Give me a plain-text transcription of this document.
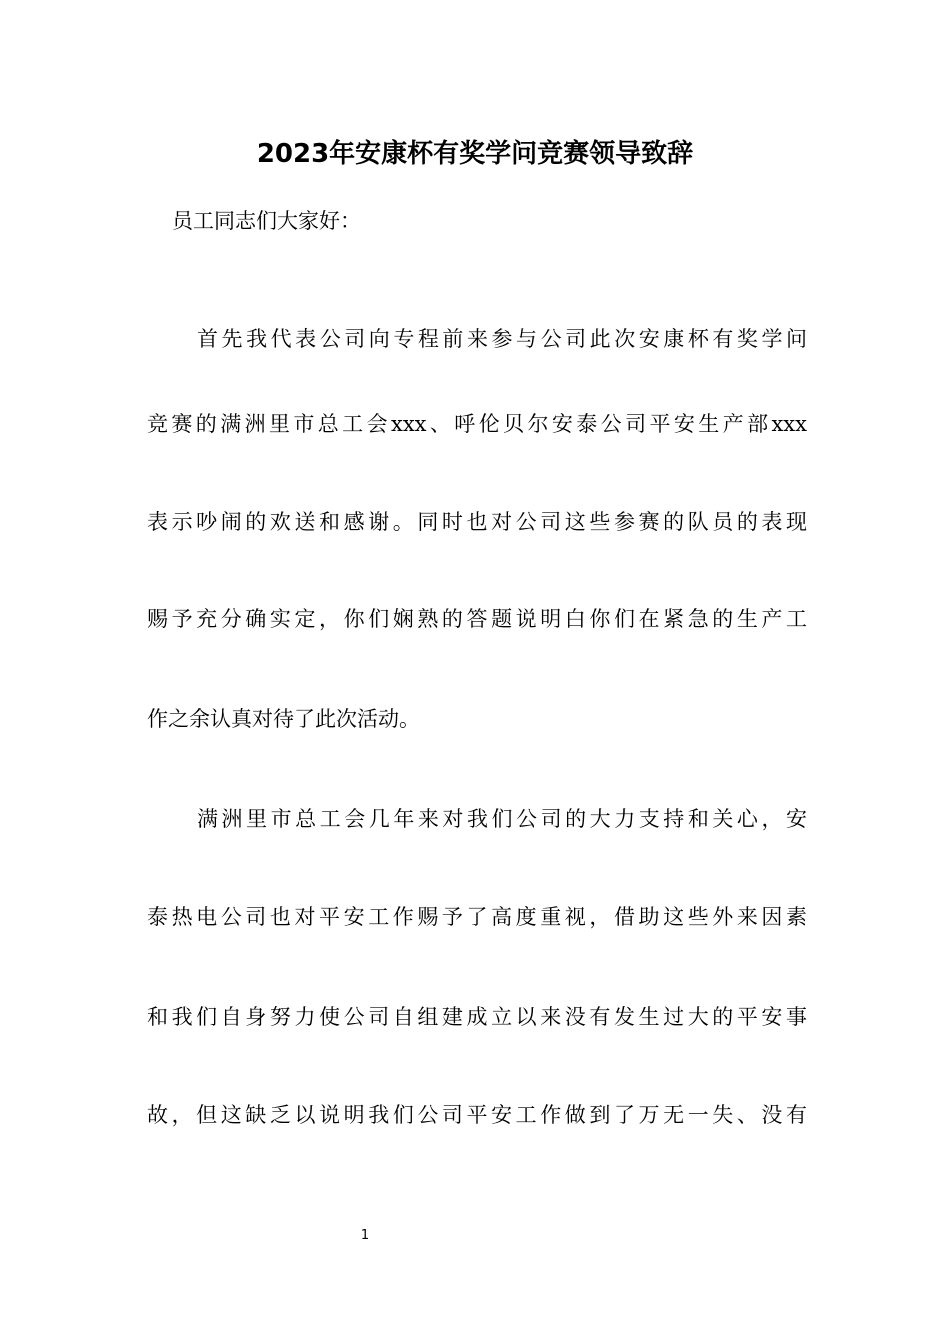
2023年安康杯有奖学问竞赛领导致辞
员工同志们大家好：
首先我代表公司向专程前来参与公司此次安康杯有奖学问
竞赛的满洲里市总工会xxx、呼伦贝尔安泰公司平安生产部xxx
表示吵闹的欢送和感谢。同时也对公司这些参赛的队员的表现
赐予充分确实定，你们娴熟的答题说明白你们在紧急的生产工
作之余认真对待了此次活动。
满洲里市总工会几年来对我们公司的大力支持和关心，安
泰热电公司也对平安工作赐予了高度重视，借助这些外来因素
和我们自身努力使公司自组建成立以来没有发生过大的平安事
故，但这缺乏以说明我们公司平安工作做到了万无一失、没有
1
